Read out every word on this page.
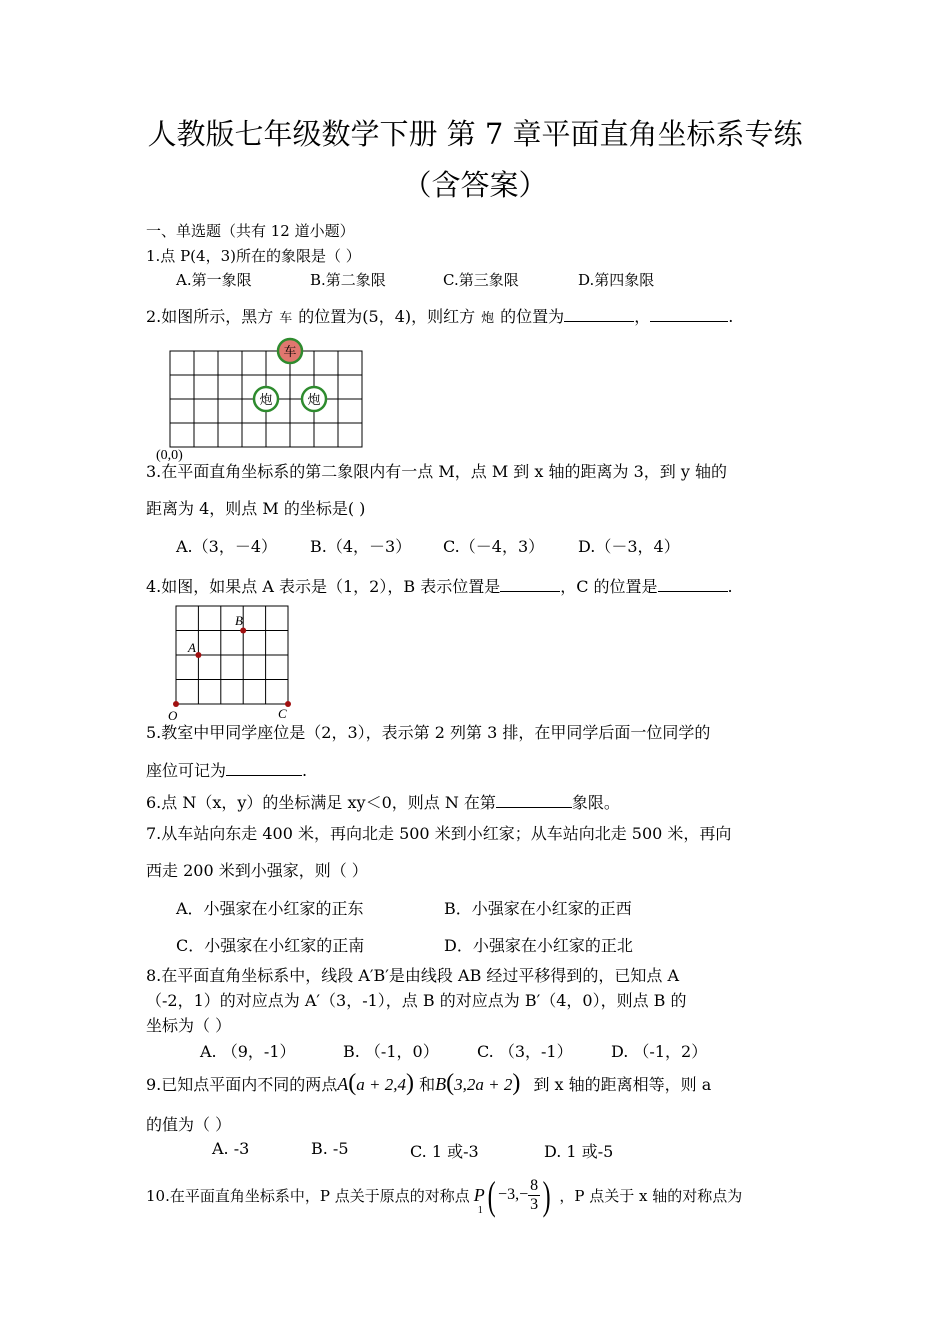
人教版七年级数学下册 第 7 章平面直角坐标系专练
（含答案）
一、单选题（共有 12 道小题）
1.点 P(4，3)所在的象限是（ ）
A.第一象限	B.第二象限	C.第三象限	D.第四象限
2.如图所示，黑方 车 的位置为(5，4)，则红方 炮 的位置为	，	.
车
炮	炮
(0,0)
3.在平面直角坐标系的第二象限内有一点 M，点 M 到 x 轴的距离为 3，到 y 轴的
距离为 4，则点 M 的坐标是( )
A.（3，－4） B.（4，－3） C.（－4，3） D.（－3，4）
4.如图，如果点 A 表示是（1，2），B 表示位置是	，C 的位置是	.
A
B
O	C
5.教室中甲同学座位是（2，3），表示第 2 列第 3 排，在甲同学后面一位同学的
座位可记为	.
6.点 N（x，y）的坐标满足 xy＜0，则点 N 在第	象限。
7.从车站向东走 400 米，再向北走 500 米到小红家；从车站向北走 500 米，再向
西走 200 米到小强家，则（ ）
A．小强家在小红家的正东	B．小强家在小红家的正西
C．小强家在小红家的正南	D．小强家在小红家的正北
8.在平面直角坐标系中，线段 A′B′是由线段 AB 经过平移得到的，已知点 A
（-2，1）的对应点为 A′（3，-1），点 B 的对应点为 B′（4，0），则点 B 的
坐标为（ ）
A. （9，-1）	B. （-1，0） C. （3，-1） D. （-1，2）
9.已知点平面内不同的两点A(a + 2,4) 和B(3,2a + 2) 到 x 轴的距离相等，则 a
的值为（ ）
A. -3	B. -5	C. 1 或-3	D. 1 或-5
10.在平面直角坐标系中，P 点关于原点的对称点 P
1 ( $-3,- \frac{8}{3}$ ) ，P 点关于 x 轴的对称点为
